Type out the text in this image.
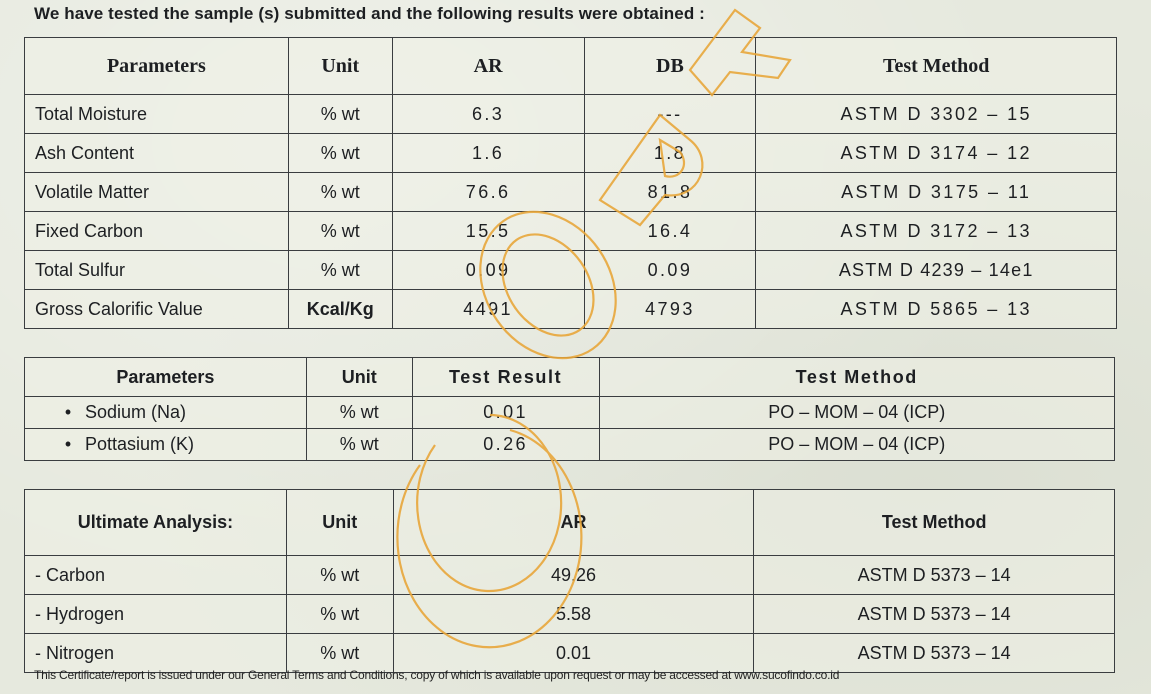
We have tested the sample (s) submitted and the following results were obtained :
Parameters	Unit	AR	DB	Test Method
Total Moisture	% wt	6.3	---	ASTM D 3302 – 15
Ash Content	% wt	1.6	1.8	ASTM D 3174 – 12
Volatile Matter	% wt	76.6	81.8	ASTM D 3175 – 11
Fixed Carbon	% wt	15.5	16.4	ASTM D 3172 – 13
Total Sulfur	% wt	0.09	0.09	ASTM D 4239 – 14e1
Gross Calorific Value	Kcal/Kg	4491	4793	ASTM D 5865 – 13
Parameters	Unit	Test Result	Test Method
• Sodium (Na)	% wt	0.01	PO – MOM – 04 (ICP)
• Pottasium (K)	% wt	0.26	PO – MOM – 04 (ICP)
Ultimate Analysis:	Unit	AR	Test Method
- Carbon	% wt	49.26	ASTM D 5373 – 14
- Hydrogen	% wt	5.58	ASTM D 5373 – 14
- Nitrogen	% wt	0.01	ASTM D 5373 – 14
This Certificate/report is issued under our General Terms and Conditions, copy of which is available upon request or may be accessed at www.sucofindo.co.id
